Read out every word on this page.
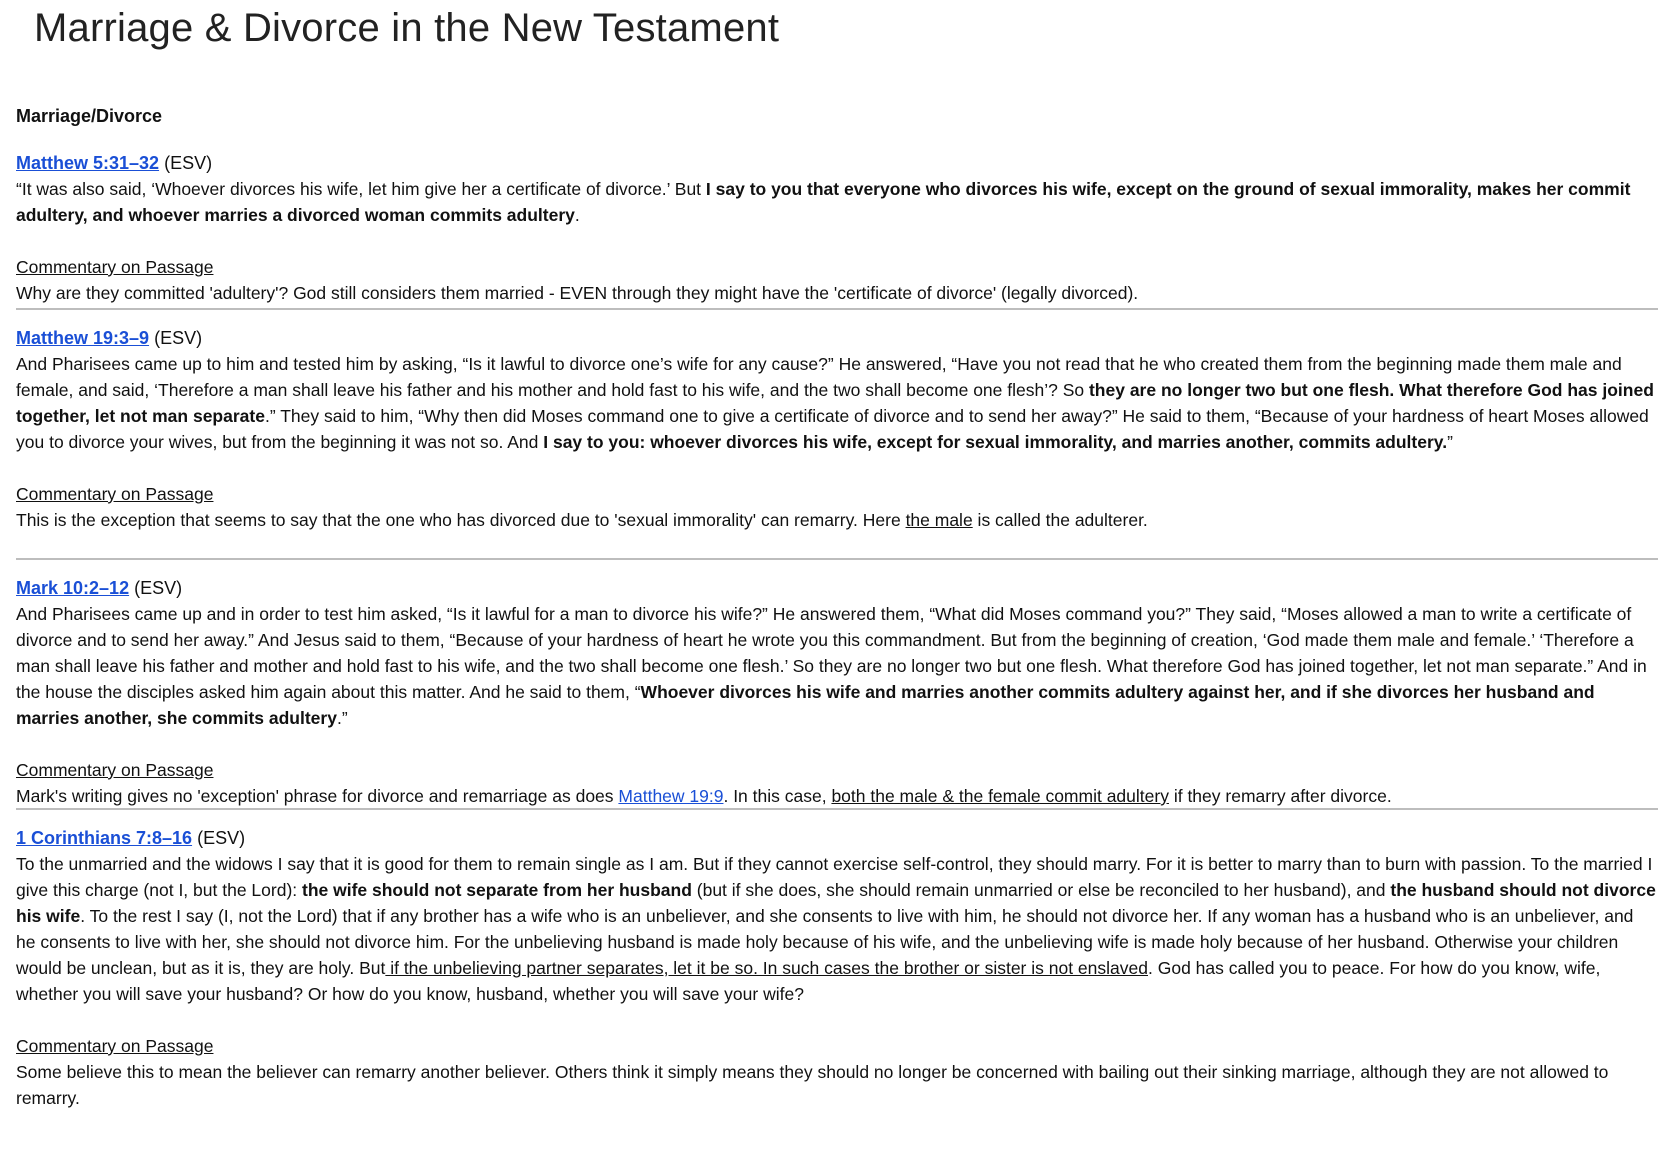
Marriage & Divorce in the New Testament
Marriage/Divorce
Matthew 5:31–32 (ESV)

“It was also said, ‘Whoever divorces his wife, let him give her a certificate of divorce.’ But I say to you that everyone who divorces his wife, except on the ground of sexual immorality, makes her commit adultery, and whoever marries a divorced woman commits adultery.

Commentary on Passage
Why are they committed 'adultery'? God still considers them married - EVEN through they might have the 'certificate of divorce' (legally divorced).
Matthew 19:3–9 (ESV)

And Pharisees came up to him and tested him by asking, “Is it lawful to divorce one’s wife for any cause?” He answered, “Have you not read that he who created them from the beginning made them male and female, and said, ‘Therefore a man shall leave his father and his mother and hold fast to his wife, and the two shall become one flesh’? So they are no longer two but one flesh. What therefore God has joined together, let not man separate.” They said to him, “Why then did Moses command one to give a certificate of divorce and to send her away?” He said to them, “Because of your hardness of heart Moses allowed you to divorce your wives, but from the beginning it was not so. And I say to you: whoever divorces his wife, except for sexual immorality, and marries another, commits adultery.”

Commentary on Passage
This is the exception that seems to say that the one who has divorced due to 'sexual immorality' can remarry. Here the male is called the adulterer.
Mark 10:2–12 (ESV)

And Pharisees came up and in order to test him asked, “Is it lawful for a man to divorce his wife?” He answered them, “What did Moses command you?” They said, “Moses allowed a man to write a certificate of divorce and to send her away.” And Jesus said to them, “Because of your hardness of heart he wrote you this commandment. But from the beginning of creation, ‘God made them male and female.’ ‘Therefore a man shall leave his father and mother and hold fast to his wife, and the two shall become one flesh.’ So they are no longer two but one flesh. What therefore God has joined together, let not man separate.” And in the house the disciples asked him again about this matter. And he said to them, “Whoever divorces his wife and marries another commits adultery against her, and if she divorces her husband and marries another, she commits adultery.”

Commentary on Passage
Mark's writing gives no 'exception' phrase for divorce and remarriage as does Matthew 19:9. In this case, both the male & the female commit adultery if they remarry after divorce.
1 Corinthians 7:8–16 (ESV)

To the unmarried and the widows I say that it is good for them to remain single as I am. But if they cannot exercise self-control, they should marry. For it is better to marry than to burn with passion. To the married I give this charge (not I, but the Lord): the wife should not separate from her husband (but if she does, she should remain unmarried or else be reconciled to her husband), and the husband should not divorce his wife. To the rest I say (I, not the Lord) that if any brother has a wife who is an unbeliever, and she consents to live with him, he should not divorce her. If any woman has a husband who is an unbeliever, and he consents to live with her, she should not divorce him. For the unbelieving husband is made holy because of his wife, and the unbelieving wife is made holy because of her husband. Otherwise your children would be unclean, but as it is, they are holy. But if the unbelieving partner separates, let it be so. In such cases the brother or sister is not enslaved. God has called you to peace. For how do you know, wife, whether you will save your husband? Or how do you know, husband, whether you will save your wife?

Commentary on Passage
Some believe this to mean the believer can remarry another believer. Others think it simply means they should no longer be concerned with bailing out their sinking marriage, although they are not allowed to remarry.
